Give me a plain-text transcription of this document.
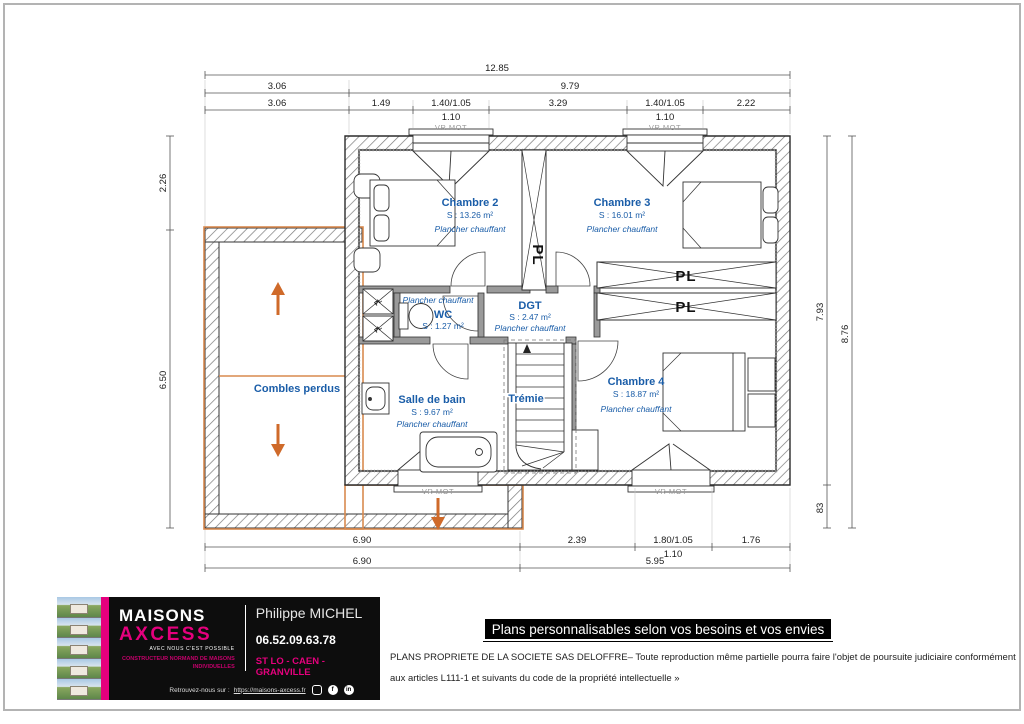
PL
PL
PL
PL
PL
Chambre 2
S : 13.26 m²
Plancher chauffant
Chambre 3
S : 16.01 m²
Plancher chauffant
Plancher chauffant
WC
S : 1.27 m²
DGT
S : 2.47 m²
Plancher chauffant
Salle de bain
S : 9.67 m²
Plancher chauffant
Chambre 4
S : 18.87 m²
Plancher chauffant
Combles perdus
Trémie
12.85
3.06	9.79
3.06	1.49	1.40/1.05	3.29	1.40/1.05	2.22
1.10	1.10
VR MOT	VR MOT
2.26
6.50
7.93
83
8.76
VR MOT	VR MOT
6.90	2.39	1.80/1.05	1.76
1.10
6.90	5.95
Plans personnalisables selon vos besoins et vos envies
PLANS PROPRIETE DE LA SOCIETE SAS DELOFFRE– Toute reproduction même partielle pourra faire l'objet de poursuite judiciaire conformément
aux articles L111-1 et suivants du code de la propriété intellectuelle »
MAISONS
AXCESS
AVEC NOUS C'EST POSSIBLE
CONSTRUCTEUR NORMAND DE MAISONS INDIVIDUELLES
Philippe MICHEL
06.52.09.63.78
ST LO - CAEN - GRANVILLE
Retrouvez-nous sur : https://maisons-axcess.fr	f	in
